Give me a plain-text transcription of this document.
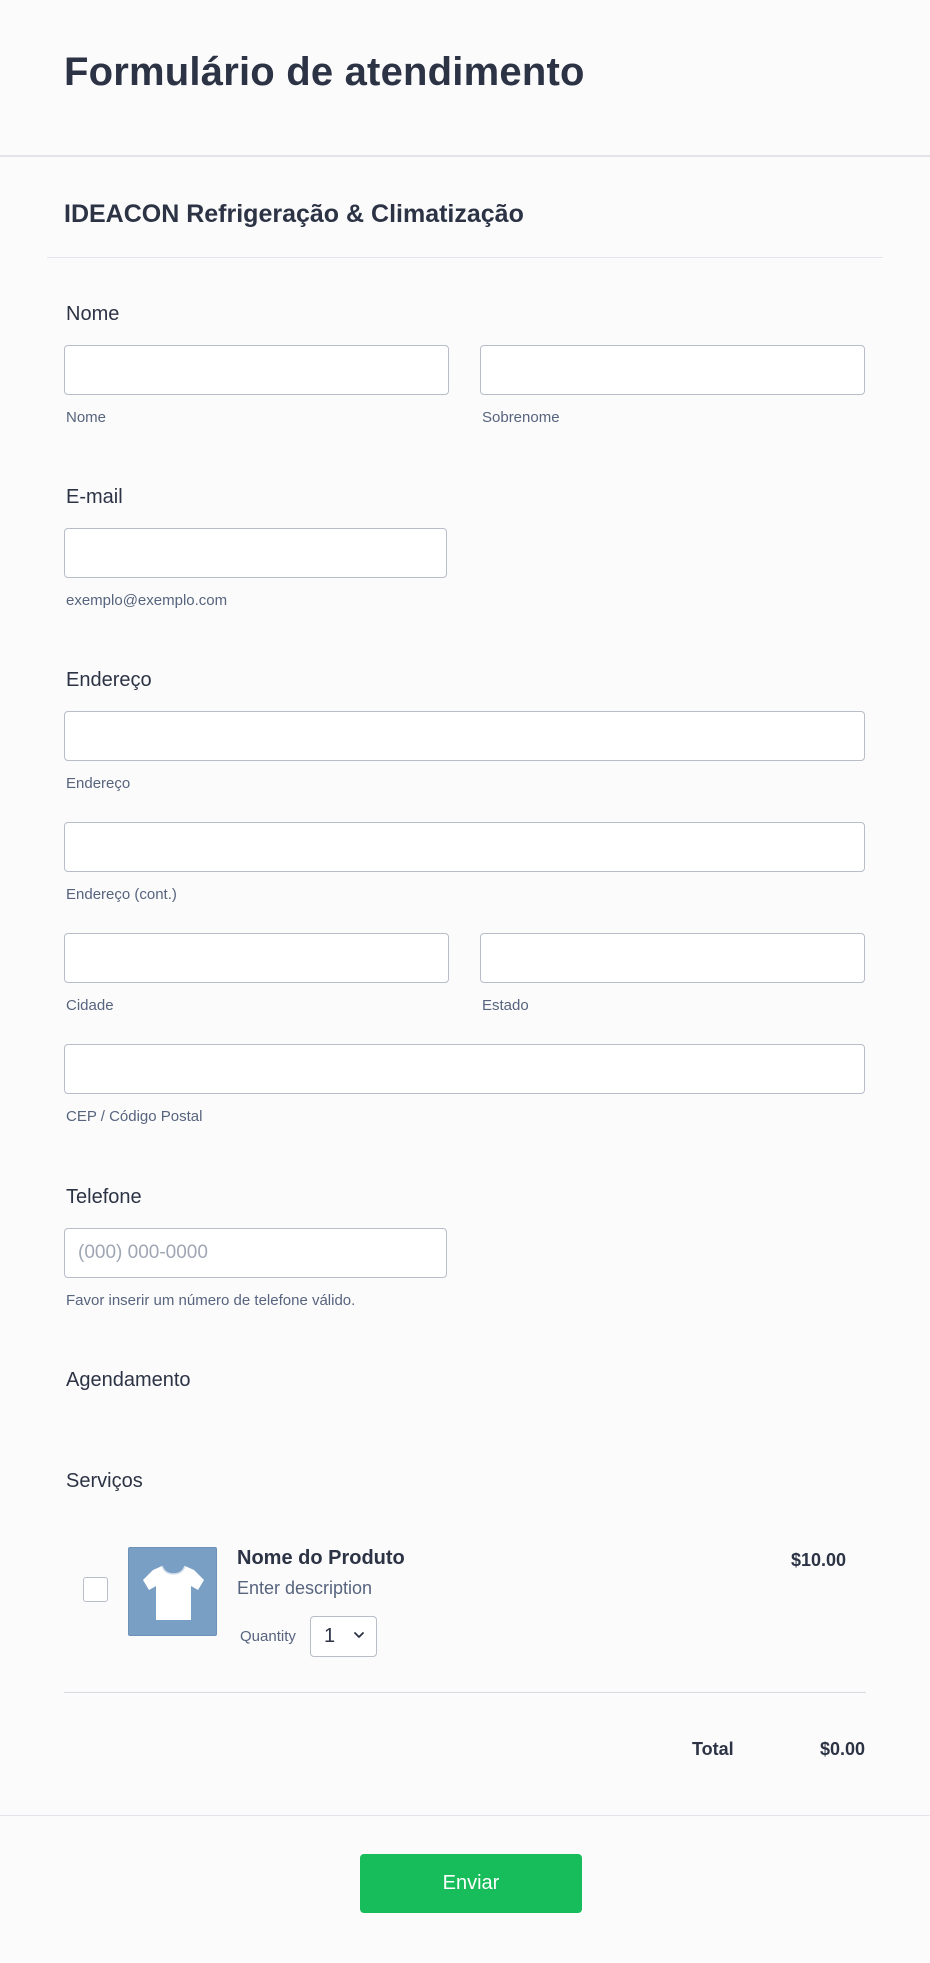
Formulário de atendimento
IDEACON Refrigeração & Climatização
Nome
Nome	Sobrenome
E-mail
exemplo@exemplo.com
Endereço
Endereço
Endereço (cont.)
Cidade	Estado
CEP / Código Postal
Telefone
(000) 000-0000
Favor inserir um número de telefone válido.
Agendamento
Serviços
Nome do Produto
Enter description
Quantity 1
$10.00
Total	$0.00
Enviar
